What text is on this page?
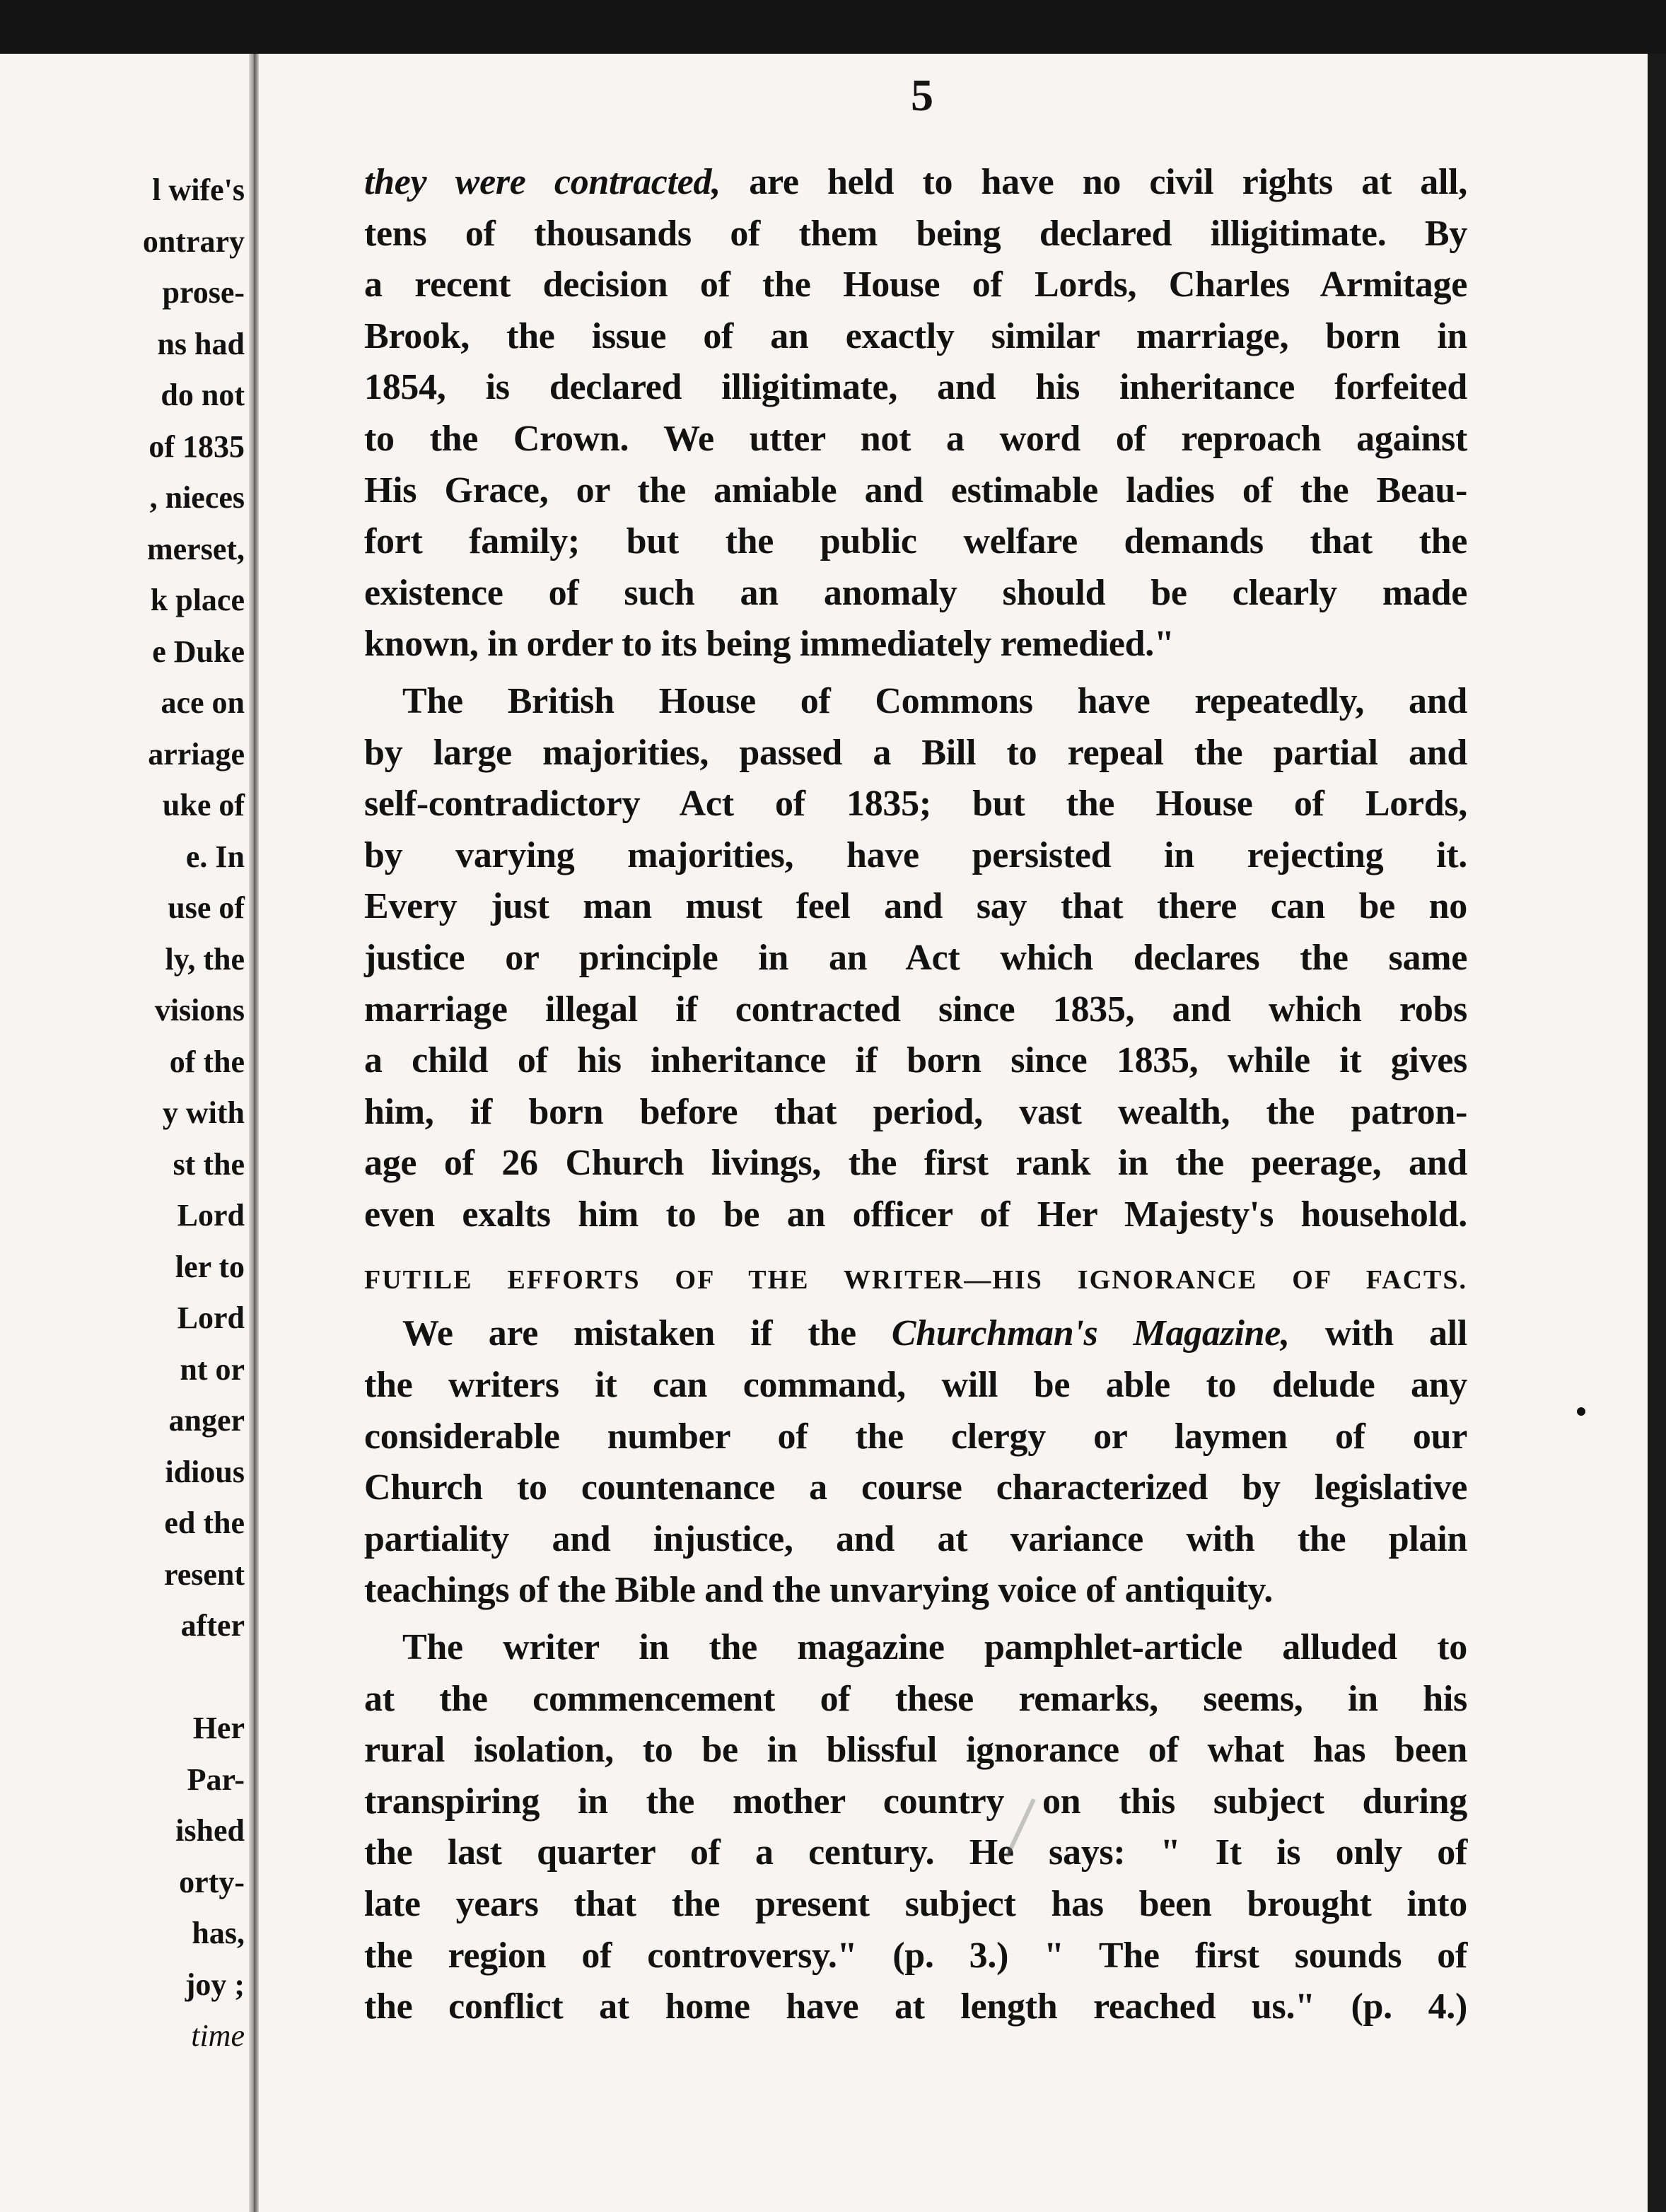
l wife's
ontrary
prose-
ns had
do not
of 1835
, nieces
merset,
k place
e Duke
ace on
arriage
uke of
e. In
use of
ly, the
visions
of the
y with
st the
Lord
ler to
Lord
nt or
anger
idious
ed the
resent
after
Her
Par-
ished
orty-
has,
joy ;
time
5
they were contracted, are held to have no civil rights at all,
tens of thousands of them being declared illigitimate. By
a recent decision of the House of Lords, Charles Armitage
Brook, the issue of an exactly similar marriage, born in
1854, is declared illigitimate, and his inheritance forfeited
to the Crown. We utter not a word of reproach against
His Grace, or the amiable and estimable ladies of the Beau-
fort family; but the public welfare demands that the
existence of such an anomaly should be clearly made
known, in order to its being immediately remedied."
The British House of Commons have repeatedly, and
by large majorities, passed a Bill to repeal the partial and
self-contradictory Act of 1835; but the House of Lords,
by varying majorities, have persisted in rejecting it.
Every just man must feel and say that there can be no
justice or principle in an Act which declares the same
marriage illegal if contracted since 1835, and which robs
a child of his inheritance if born since 1835, while it gives
him, if born before that period, vast wealth, the patron-
age of 26 Church livings, the first rank in the peerage, and
even exalts him to be an officer of Her Majesty's household.
FUTILE EFFORTS OF THE WRITER—HIS IGNORANCE OF FACTS.
We are mistaken if the Churchman's Magazine, with all
the writers it can command, will be able to delude any
considerable number of the clergy or laymen of our
Church to countenance a course characterized by legislative
partiality and injustice, and at variance with the plain
teachings of the Bible and the unvarying voice of antiquity.
The writer in the magazine pamphlet-article alluded to
at the commencement of these remarks, seems, in his
rural isolation, to be in blissful ignorance of what has been
transpiring in the mother country on this subject during
the last quarter of a century. He says: " It is only of
late years that the present subject has been brought into
the region of controversy." (p. 3.) " The first sounds of
the conflict at home have at length reached us." (p. 4.)
